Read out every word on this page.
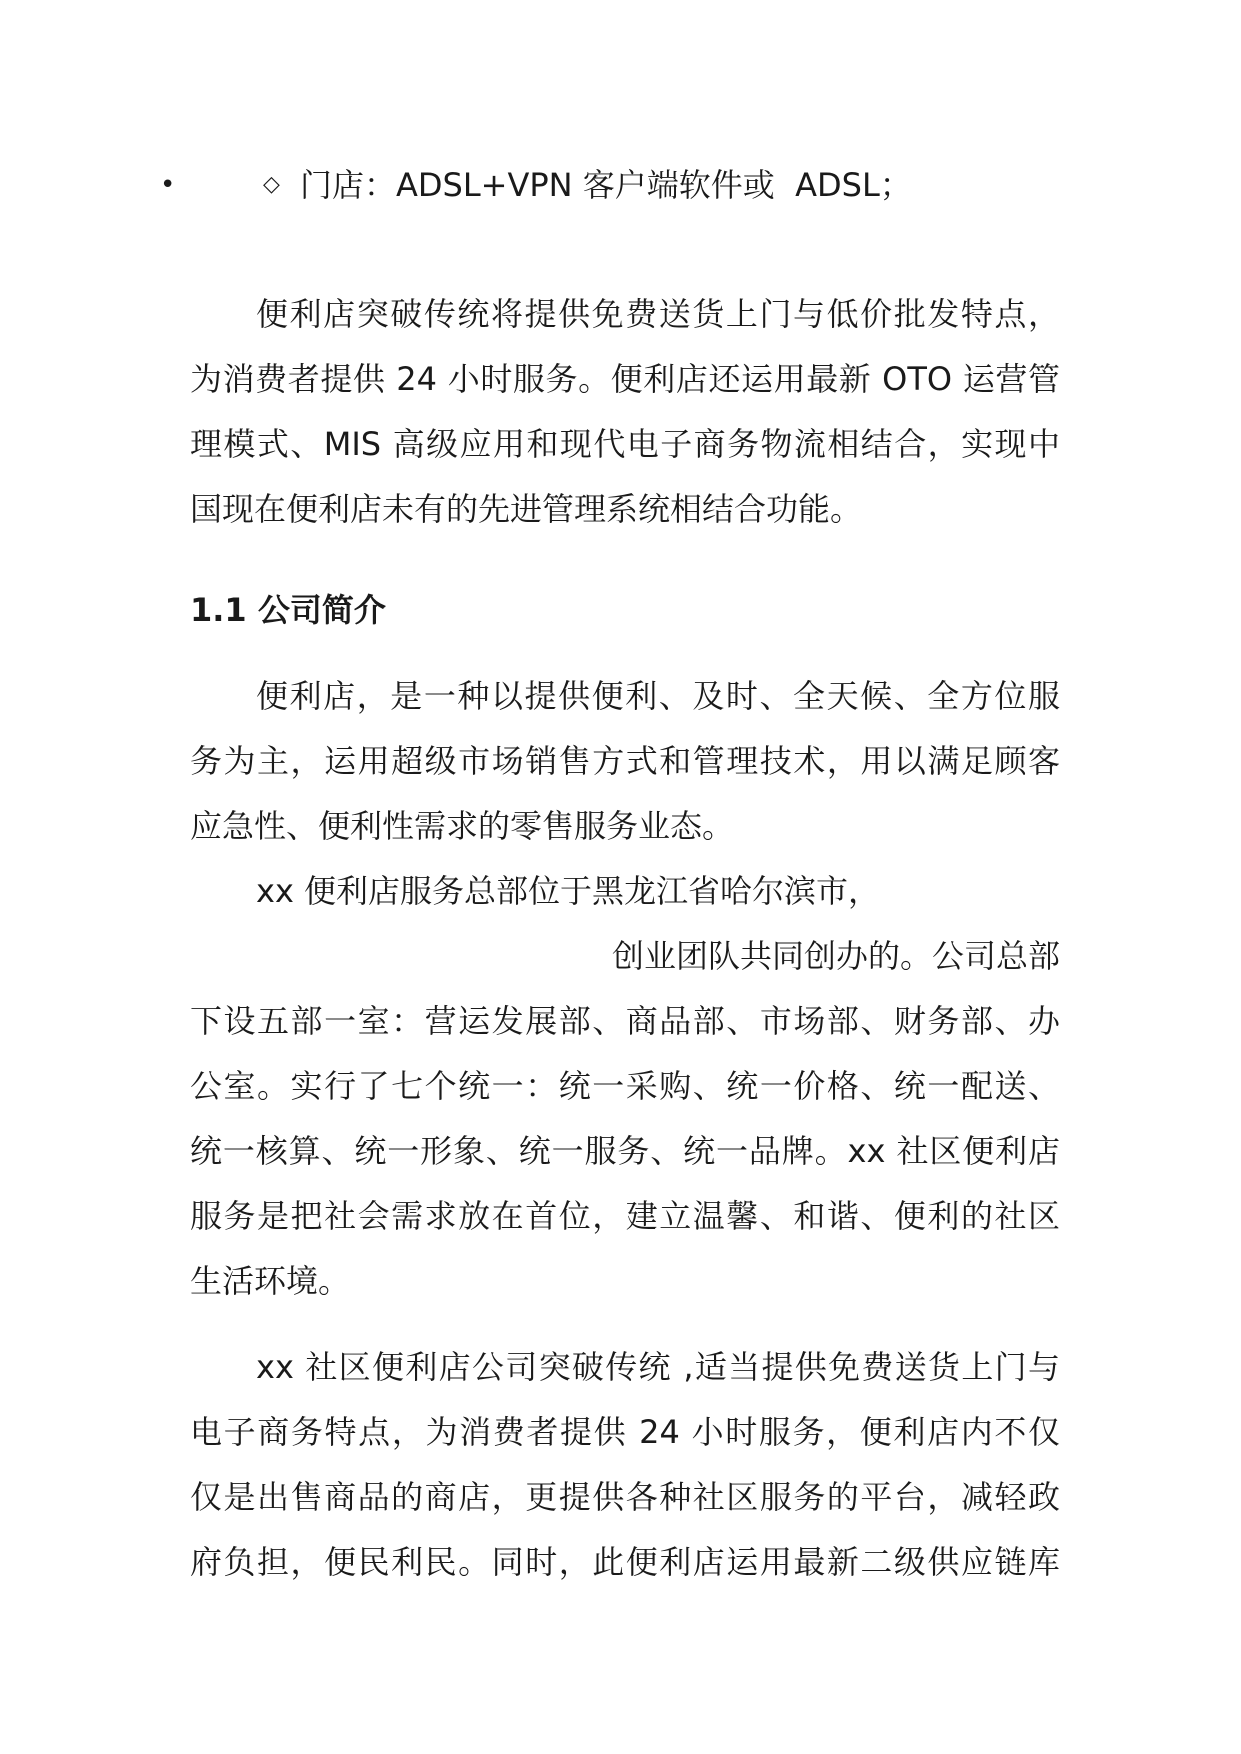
•	◇ 门店：ADSL+VPN 客户端软件或  ADSL；
便利店突破传统将提供免费送货上门与低价批发特点，
为消费者提供 24 小时服务。便利店还运用最新 OTO 运营管
理模式、MIS 高级应用和现代电子商务物流相结合，实现中
国现在便利店未有的先进管理系统相结合功能。
1.1 公司简介
便利店，是一种以提供便利、及时、全天候、全方位服
务为主，运用超级市场销售方式和管理技术，用以满足顾客
应急性、便利性需求的零售服务业态。
xx 便利店服务总部位于黑龙江省哈尔滨市，
创业团队共同创办的。公司总部
下设五部一室：营运发展部、商品部、市场部、财务部、办
公室。实行了七个统一：统一采购、统一价格、统一配送、
统一核算、统一形象、统一服务、统一品牌。xx 社区便利店
服务是把社会需求放在首位，建立温馨、和谐、便利的社区
生活环境。
xx 社区便利店公司突破传统 ,适当提供免费送货上门与
电子商务特点，为消费者提供 24 小时服务，便利店内不仅
仅是出售商品的商店，更提供各种社区服务的平台，减轻政
府负担，便民利民。同时，此便利店运用最新二级供应链库
